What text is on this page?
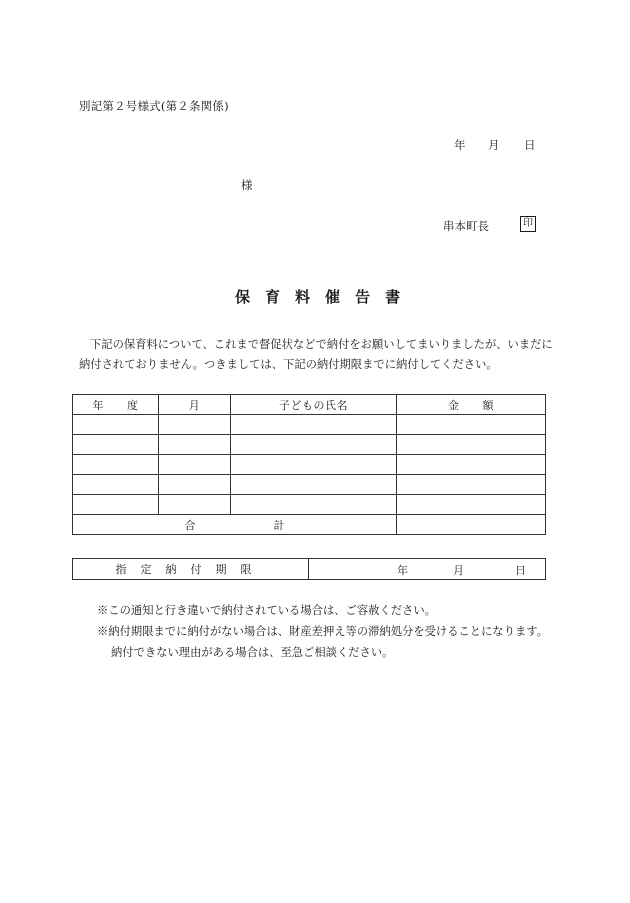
別記第２号様式(第２条関係)
年 月 日
様
串本町長	印
保育料催告書
下記の保育料について、これまで督促状などで納付をお願いしてまいりましたが、いまだに納付されておりません。つきましては、下記の納付期限までに納付してください。
年　　度	月	子どもの氏名	金　　額

合 計			
指定納付期限	年	月	日
※この通知と行き違いで納付されている場合は、ご容赦ください。
※納付期限までに納付がない場合は、財産差押え等の滞納処分を受けることになります。
納付できない理由がある場合は、至急ご相談ください。
